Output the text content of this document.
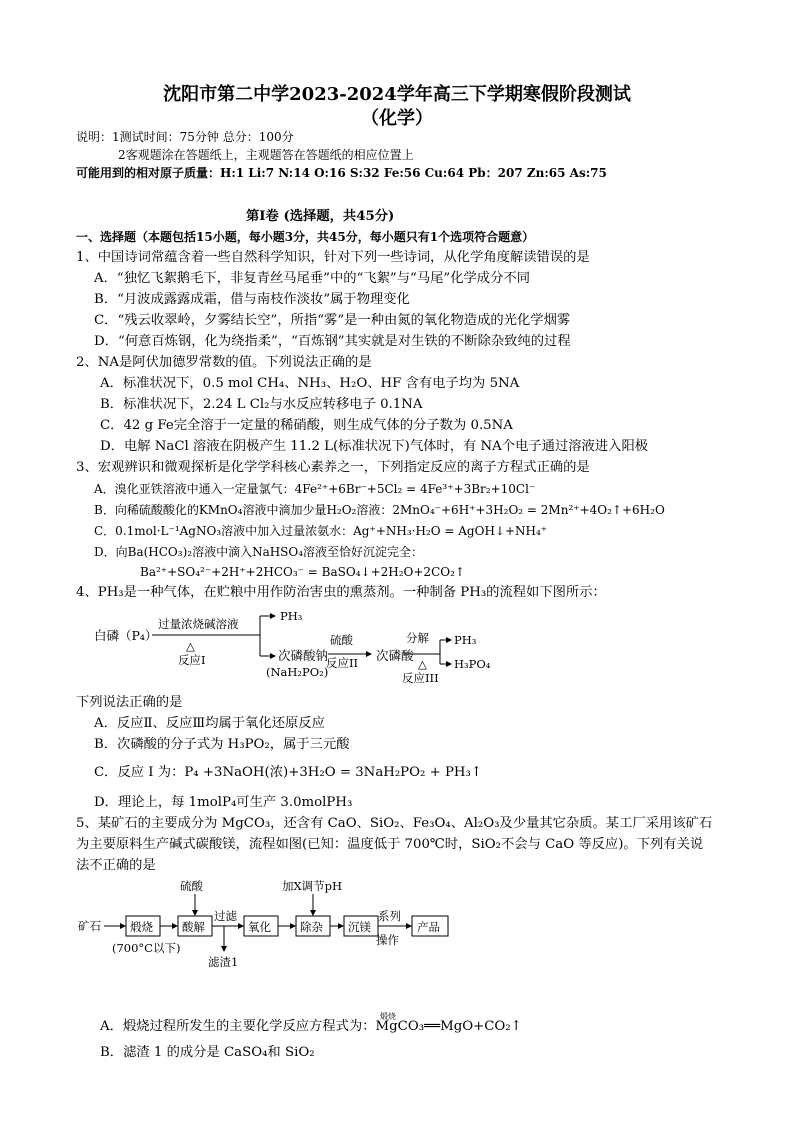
沈阳市第二中学2023-2024学年高三下学期寒假阶段测试
（化学）
说明：1测试时间：75分钟 总分：100分
2客观题涂在答题纸上，主观题答在答题纸的相应位置上
可能用到的相对原子质量：H:1 Li:7 N:14 O:16 S:32 Fe:56 Cu:64 Pb：207 Zn:65 As:75
第Ⅰ卷 (选择题，共45分)
一、选择题（本题包括15小题，每小题3分，共45分，每小题只有1个选项符合题意）
1、中国诗词常蕴含着一些自然科学知识，针对下列一些诗词，从化学角度解读错误的是
A．“独忆飞絮鹅毛下，非复青丝马尾垂”中的“飞絮”与“马尾”化学成分不同
B．“月波成露露成霜，借与南枝作淡妆”属于物理变化
C．“残云收翠岭，夕雾结长空”，所指“雾”是一种由氮的氧化物造成的光化学烟雾
D．“何意百炼钢，化为绕指柔”，“百炼钢”其实就是对生铁的不断除杂致纯的过程
2、NA是阿伏加德罗常数的值。下列说法正确的是
A．标准状况下，0.5 mol CH₄、NH₃、H₂O、HF 含有电子均为 5NA
B．标准状况下，2.24 L Cl₂与水反应转移电子 0.1NA
C．42 g Fe完全溶于一定量的稀硝酸，则生成气体的分子数为 0.5NA
D．电解 NaCl 溶液在阴极产生 11.2 L(标准状况下)气体时，有 NA个电子通过溶液进入阳极
3、宏观辨识和微观探析是化学学科核心素养之一，下列指定反应的离子方程式正确的是
A．溴化亚铁溶液中通入一定量氯气：4Fe²⁺+6Br⁻+5Cl₂ = 4Fe³⁺+3Br₂+10Cl⁻
B．向稀硫酸酸化的KMnO₄溶液中滴加少量H₂O₂溶液：2MnO₄⁻+6H⁺+3H₂O₂ = 2Mn²⁺+4O₂↑+6H₂O
C．0.1mol·L⁻¹AgNO₃溶液中加入过量浓氨水：Ag⁺+NH₃·H₂O = AgOH↓+NH₄⁺
D．向Ba(HCO₃)₂溶液中滴入NaHSO₄溶液至恰好沉淀完全：
Ba²⁺+SO₄²⁻+2H⁺+2HCO₃⁻ = BaSO₄↓+2H₂O+2CO₂↑
4、PH₃是一种气体，在贮粮中用作防治害虫的熏蒸剂。一种制备 PH₃的流程如下图所示：
白磷（P₄）
过量浓烧碱溶液
△
反应I
PH₃
次磷酸钠
(NaH₂PO₂)
硫酸
反应II 次磷酸
分解
△
反应III
PH₃
H₃PO₄
下列说法正确的是
A．反应Ⅱ、反应Ⅲ均属于氧化还原反应
B．次磷酸的分子式为 H₃PO₂，属于三元酸
C．反应 I 为：P₄ +3NaOH(浓)+3H₂O = 3NaH₂PO₂ + PH₃↑
D．理论上，每 1molP₄可生产 3.0molPH₃
5、某矿石的主要成分为 MgCO₃，还含有 CaO、SiO₂、Fe₃O₄、Al₂O₃及少量其它杂质。某工厂采用该矿石
为主要原料生产碱式碳酸镁，流程如图(已知：温度低于 700℃时，SiO₂不会与 CaO 等反应)。下列有关说
法不正确的是
矿石	煅烧
(700°C以下)
硫酸
酸解
过滤
滤渣1
氧化
加X调节pH
除杂 沉镁
系列
操作
产品
A．煅烧过程所发生的主要化学反应方程式为：MgCO₃══MgO+CO₂↑
煅烧
B．滤渣 1 的成分是 CaSO₄和 SiO₂
